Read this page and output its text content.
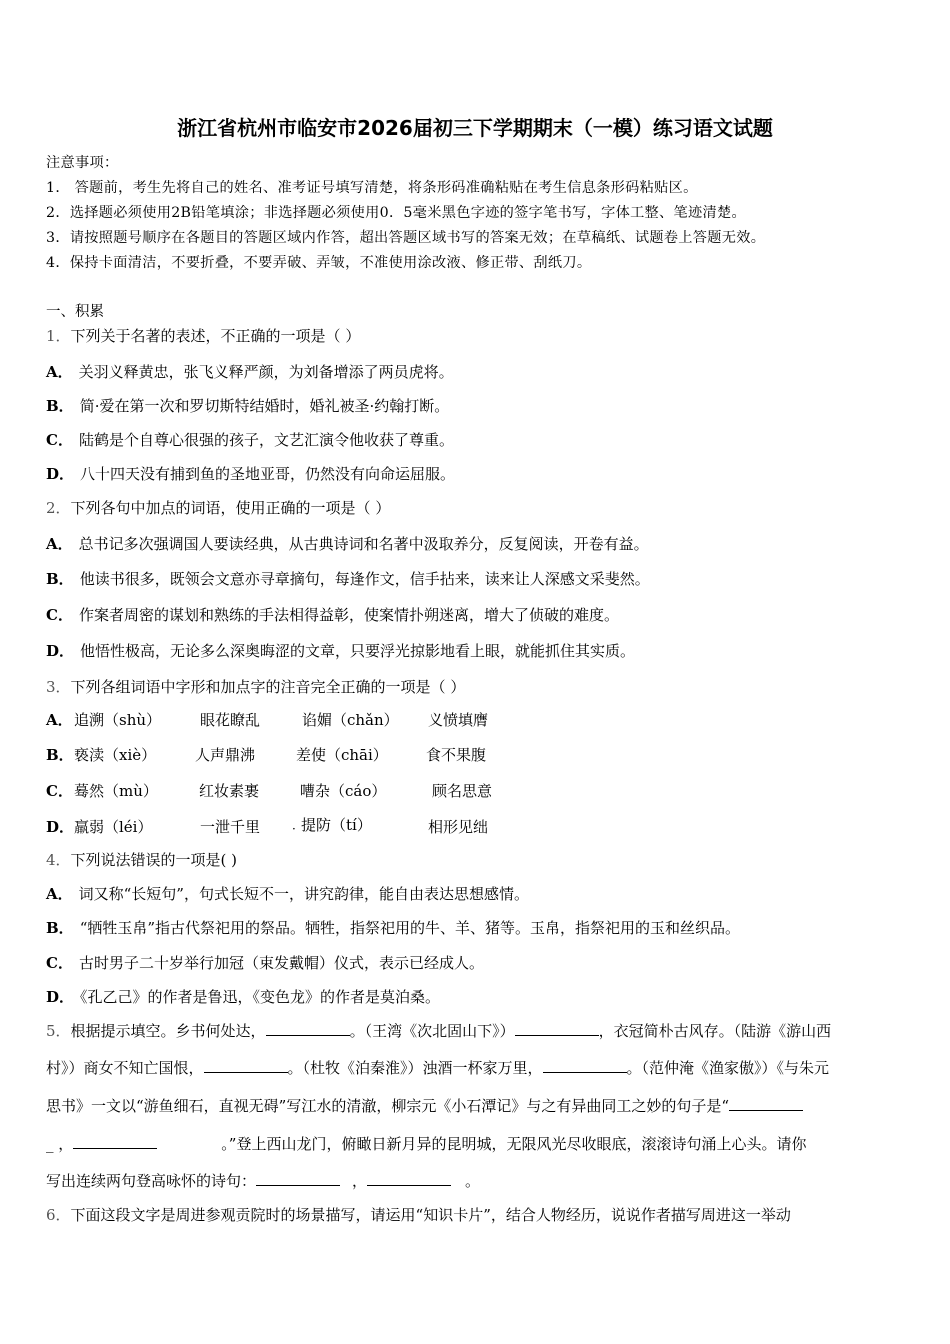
浙江省杭州市临安市2026届初三下学期期末（一模）练习语文试题
注意事项：
1． 答题前，考生先将自己的姓名、准考证号填写清楚，将条形码准确粘贴在考生信息条形码粘贴区。
2．选择题必须使用2B铅笔填涂；非选择题必须使用0．5毫米黑色字迹的签字笔书写，字体工整、笔迹清楚。
3．请按照题号顺序在各题目的答题区域内作答，超出答题区域书写的答案无效；在草稿纸、试题卷上答题无效。
4．保持卡面清洁，不要折叠，不要弄破、弄皱，不准使用涂改液、修正带、刮纸刀。
一、积累
1．下列关于名著的表述，不正确的一项是（ ）
A． 关羽义释黄忠，张飞义释严颜，为刘备增添了两员虎将。
B． 简·爱在第一次和罗切斯特结婚时，婚礼被圣·约翰打断。
C． 陆鹤是个自尊心很强的孩子，文艺汇演令他收获了尊重。
D． 八十四天没有捕到鱼的圣地亚哥，仍然没有向命运屈服。
2．下列各句中加点的词语，使用正确的一项是（ ）
A． 总书记多次强调国人要读经典，从古典诗词和名著中汲取养分，反复阅读，开卷有益。
B． 他读书很多，既领会文意亦寻章摘句，每逢作文，信手拈来，读来让人深感文采斐然。
C． 作案者周密的谋划和熟练的手法相得益彰，使案情扑朔迷离，增大了侦破的难度。
D． 他悟性极高，无论多么深奥晦涩的文章，只要浮光掠影地看上眼，就能抓住其实质。
3．下列各组词语中字形和加点字的注音完全正确的一项是（ ）
A． 追溯（shù）	眼花瞭乱	谄媚（chǎn） 义愤填膺
B． 亵渎（xiè）	人声鼎沸	差使（chāi）	食不果腹
C． 蓦然（mù）	红妆素裹	嘈杂（cáo）	顾名思意
D． 羸弱（léi）	一泄千里	· 提防（tí）	相形见绌
4．下列说法错误的一项是( )
A． 词又称“长短句”，句式长短不一，讲究韵律，能自由表达思想感情。
B． “牺牲玉帛”指古代祭祀用的祭品。牺牲，指祭祀用的牛、羊、猪等。玉帛，指祭祀用的玉和丝织品。
C． 古时男子二十岁举行加冠（束发戴帽）仪式，表示已经成人。
D． 《孔乙己》的作者是鲁迅，《变色龙》的作者是莫泊桑。
5．根据提示填空。乡书何处达，	。（王湾《次北固山下》）	，衣冠简朴古风存。（陆游《游山西
村》）商女不知亡国恨，	。（杜牧《泊秦淮》）浊酒一杯家万里，	。（范仲淹《渔家傲》）《与朱元
思书》一文以“游鱼细石，直视无碍”写江水的清澈，柳宗元《小石潭记》与之有异曲同工之妙的句子是“
_ ，	。”登上西山龙门，俯瞰日新月异的昆明城，无限风光尽收眼底，滚滚诗句涌上心头。请你
写出连续两句登高咏怀的诗句：	，	。
6．下面这段文字是周进参观贡院时的场景描写，请运用“知识卡片”，结合人物经历，说说作者描写周进这一举动
